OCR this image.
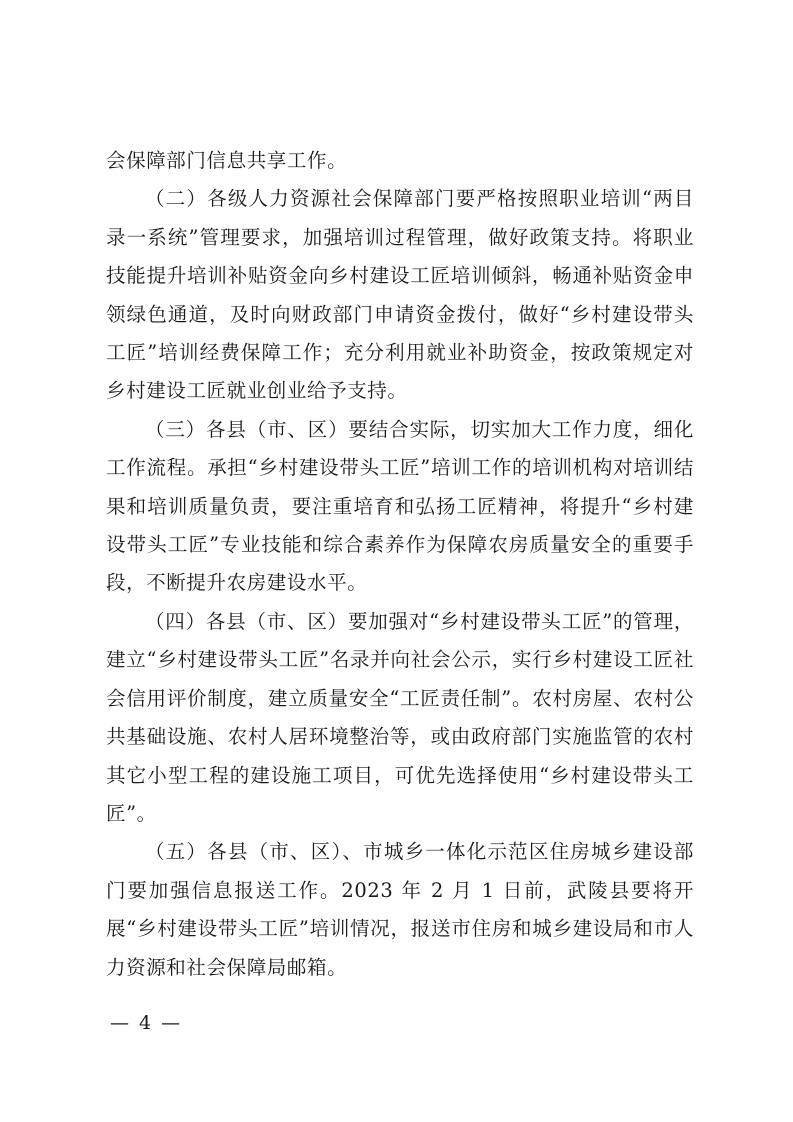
会保障部门信息共享工作。

（二）各级人力资源社会保障部门要严格按照职业培训“两目录一系统”管理要求，加强培训过程管理，做好政策支持。将职业技能提升培训补贴资金向乡村建设工匠培训倾斜，畅通补贴资金申领绿色通道，及时向财政部门申请资金拨付，做好“乡村建设带头工匠”培训经费保障工作；充分利用就业补助资金，按政策规定对乡村建设工匠就业创业给予支持。

（三）各县（市、区）要结合实际，切实加大工作力度，细化工作流程。承担“乡村建设带头工匠”培训工作的培训机构对培训结果和培训质量负责，要注重培育和弘扬工匠精神，将提升“乡村建设带头工匠”专业技能和综合素养作为保障农房质量安全的重要手段，不断提升农房建设水平。

（四）各县（市、区）要加强对“乡村建设带头工匠”的管理，建立“乡村建设带头工匠”名录并向社会公示，实行乡村建设工匠社会信用评价制度，建立质量安全“工匠责任制”。农村房屋、农村公共基础设施、农村人居环境整治等，或由政府部门实施监管的农村其它小型工程的建设施工项目，可优先选择使用“乡村建设带头工匠”。

（五）各县（市、区）、市城乡一体化示范区住房城乡建设部门要加强信息报送工作。2023 年 2 月 1 日前，武陵县要将开展“乡村建设带头工匠”培训情况，报送市住房和城乡建设局和市人力资源和社会保障局邮箱。

— 4 —
